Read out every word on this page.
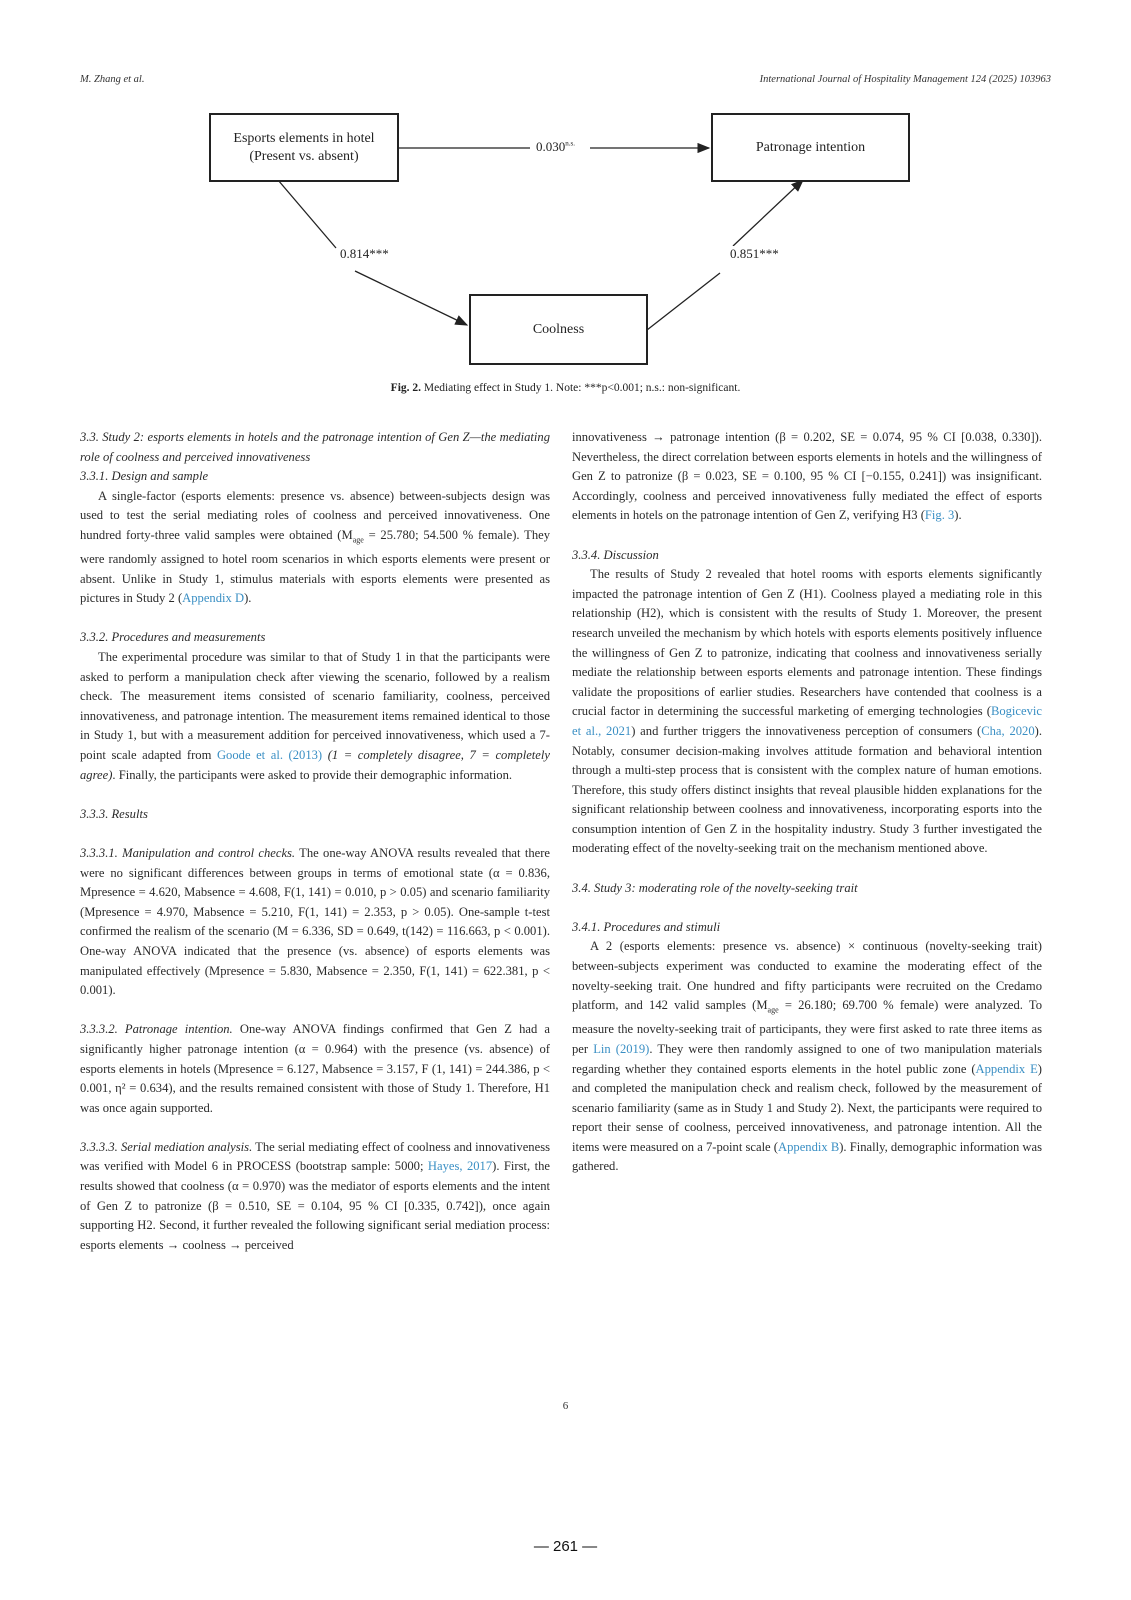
M. Zhang et al.	International Journal of Hospitality Management 124 (2025) 103963
Esports elements in hotel
(Present vs. absent)
Patronage intention
Coolness
$0.030^{n.s.}$
0.814***	0.851***
Fig. 2. Mediating effect in Study 1. Note: ***p<0.001; n.s.: non-significant.

3.3. Study 2: esports elements in hotels and the patronage intention of Gen Z—the mediating role of coolness and perceived innovativeness

3.3.1. Design and sample

A single-factor (esports elements: presence vs. absence) between-subjects design was used to test the serial mediating roles of coolness and perceived innovativeness. One hundred forty-three valid samples were obtained ($M_{age} = 25.780$; 54.500 % female). They were randomly assigned to hotel room scenarios in which esports elements were present or absent. Unlike in Study 1, stimulus materials with esports elements were presented as pictures in Study 2 (Appendix D).

3.3.2. Procedures and measurements

The experimental procedure was similar to that of Study 1 in that the participants were asked to perform a manipulation check after viewing the scenario, followed by a realism check. The measurement items consisted of scenario familiarity, coolness, perceived innovativeness, and patronage intention. The measurement items remained identical to those in Study 1, but with a measurement addition for perceived innovativeness, which used a 7-point scale adapted from Goode et al. (2013) (1 = completely disagree, 7 = completely agree). Finally, the participants were asked to provide their demographic information.

3.3.3. Results

3.3.3.1. Manipulation and control checks. The one-way ANOVA results revealed that there were no significant differences between groups in terms of emotional state (α = 0.836, Mpresence = 4.620, Mabsence = 4.608, F(1, 141) = 0.010, p > 0.05) and scenario familiarity (Mpresence = 4.970, Mabsence = 5.210, F(1, 141) = 2.353, p > 0.05). One-sample t-test confirmed the realism of the scenario (M = 6.336, SD = 0.649, t(142) = 116.663, p < 0.001). One-way ANOVA indicated that the presence (vs. absence) of esports elements was manipulated effectively (Mpresence = 5.830, Mabsence = 2.350, F(1, 141) = 622.381, p < 0.001).

3.3.3.2. Patronage intention. One-way ANOVA findings confirmed that Gen Z had a significantly higher patronage intention (α = 0.964) with the presence (vs. absence) of esports elements in hotels (Mpresence = 6.127, Mabsence = 3.157, F (1, 141) = 244.386, p < 0.001, η² = 0.634), and the results remained consistent with those of Study 1. Therefore, H1 was once again supported.

3.3.3.3. Serial mediation analysis. The serial mediating effect of coolness and innovativeness was verified with Model 6 in PROCESS (bootstrap sample: 5000; Hayes, 2017). First, the results showed that coolness (α = 0.970) was the mediator of esports elements and the intent of Gen Z to patronize (β = 0.510, SE = 0.104, 95 % CI [0.335, 0.742]), once again supporting H2. Second, it further revealed the following significant serial mediation process: esports elements → coolness → perceived

innovativeness → patronage intention (β = 0.202, SE = 0.074, 95 % CI [0.038, 0.330]). Nevertheless, the direct correlation between esports elements in hotels and the willingness of Gen Z to patronize (β = 0.023, SE = 0.100, 95 % CI [−0.155, 0.241]) was insignificant. Accordingly, coolness and perceived innovativeness fully mediated the effect of esports elements in hotels on the patronage intention of Gen Z, verifying H3 (Fig. 3).

3.3.4. Discussion

The results of Study 2 revealed that hotel rooms with esports elements significantly impacted the patronage intention of Gen Z (H1). Coolness played a mediating role in this relationship (H2), which is consistent with the results of Study 1. Moreover, the present research unveiled the mechanism by which hotels with esports elements positively influence the willingness of Gen Z to patronize, indicating that coolness and innovativeness serially mediate the relationship between esports elements and patronage intention. These findings validate the propositions of earlier studies. Researchers have contended that coolness is a crucial factor in determining the successful marketing of emerging technologies (Bogicevic et al., 2021) and further triggers the innovativeness perception of consumers (Cha, 2020). Notably, consumer decision-making involves attitude formation and behavioral intention through a multi-step process that is consistent with the complex nature of human emotions. Therefore, this study offers distinct insights that reveal plausible hidden explanations for the significant relationship between coolness and innovativeness, incorporating esports into the consumption intention of Gen Z in the hospitality industry. Study 3 further investigated the moderating effect of the novelty-seeking trait on the mechanism mentioned above.

3.4. Study 3: moderating role of the novelty-seeking trait

3.4.1. Procedures and stimuli

A 2 (esports elements: presence vs. absence) × continuous (novelty-seeking trait) between-subjects experiment was conducted to examine the moderating effect of the novelty-seeking trait. One hundred and fifty participants were recruited on the Credamo platform, and 142 valid samples ($M_{age} = 26.180$; 69.700 % female) were analyzed. To measure the novelty-seeking trait of participants, they were first asked to rate three items as per Lin (2019). They were then randomly assigned to one of two manipulation materials regarding whether they contained esports elements in the hotel public zone (Appendix E) and completed the manipulation check and realism check, followed by the measurement of scenario familiarity (same as in Study 1 and Study 2). Next, the participants were required to report their sense of coolness, perceived innovativeness, and patronage intention. All the items were measured on a 7-point scale (Appendix B). Finally, demographic information was gathered.

6
— 261 —
